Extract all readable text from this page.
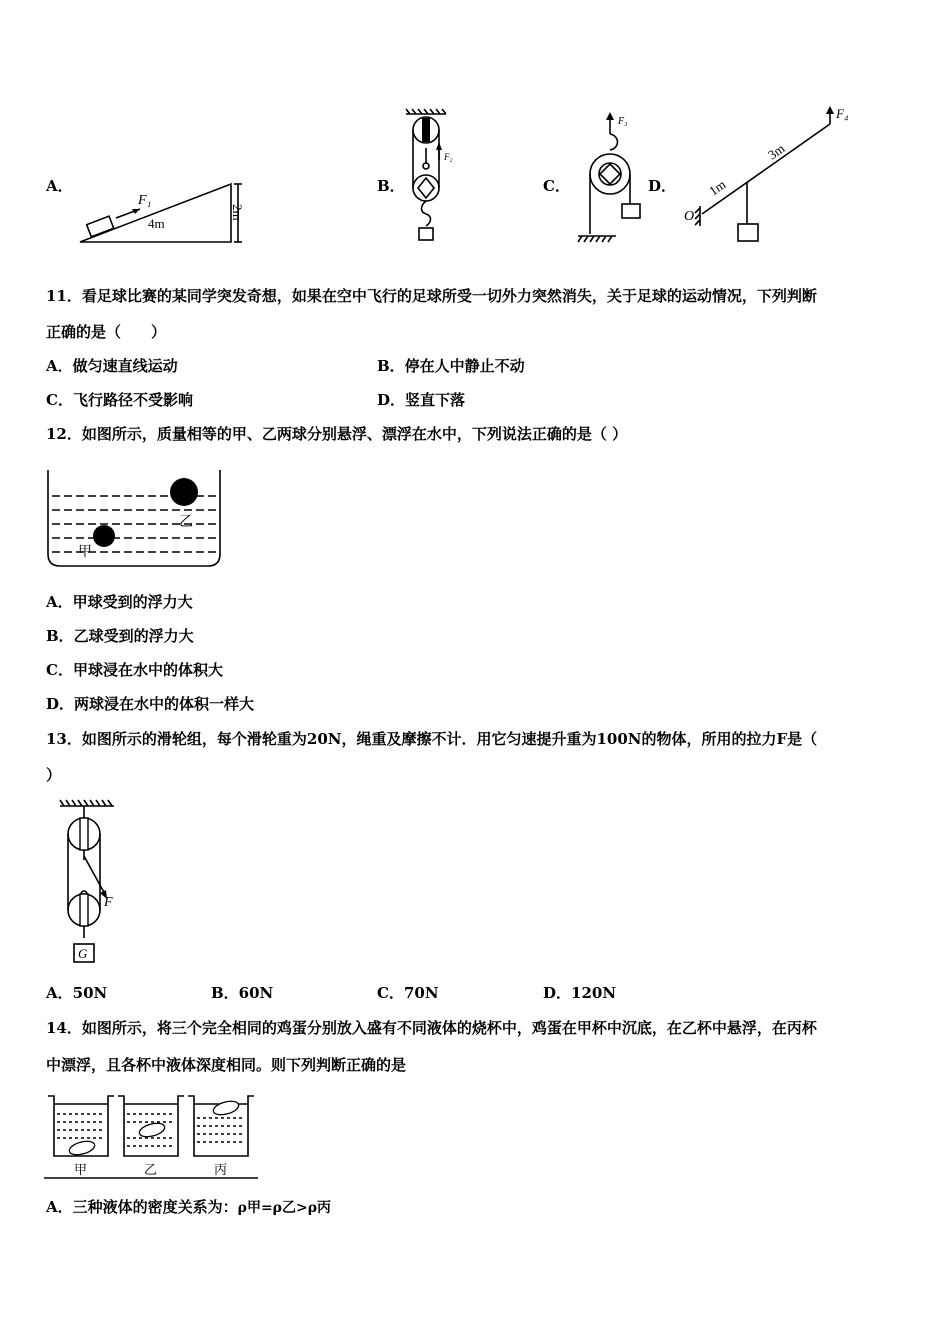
A．	B．	C．	D．
F₁
4m
2m
F₂
F₃
O
F₄
1m
3m
11．看足球比赛的某同学突发奇想，如果在空中飞行的足球所受一切外力突然消失，关于足球的运动情况，下列判断
正确的是（　　）
A．做匀速直线运动	B．停在人中静止不动
C．飞行路径不受影响	D．竖直下落
12．如图所示，质量相等的甲、乙两球分别悬浮、漂浮在水中，下列说法正确的是（ ）
乙
甲
A．甲球受到的浮力大
B．乙球受到的浮力大
C．甲球浸在水中的体积大
D．两球浸在水中的体积一样大
13．如图所示的滑轮组，每个滑轮重为20N，绳重及摩擦不计．用它匀速提升重为100N的物体，所用的拉力F是（
）
F
G
A．50N	B．60N	C．70N	D．120N
14．如图所示，将三个完全相同的鸡蛋分别放入盛有不同液体的烧杯中，鸡蛋在甲杯中沉底，在乙杯中悬浮，在丙杯
中漂浮，且各杯中液体深度相同。则下列判断正确的是
甲	乙	丙
A．三种液体的密度关系为：ρ甲=ρ乙>ρ丙
